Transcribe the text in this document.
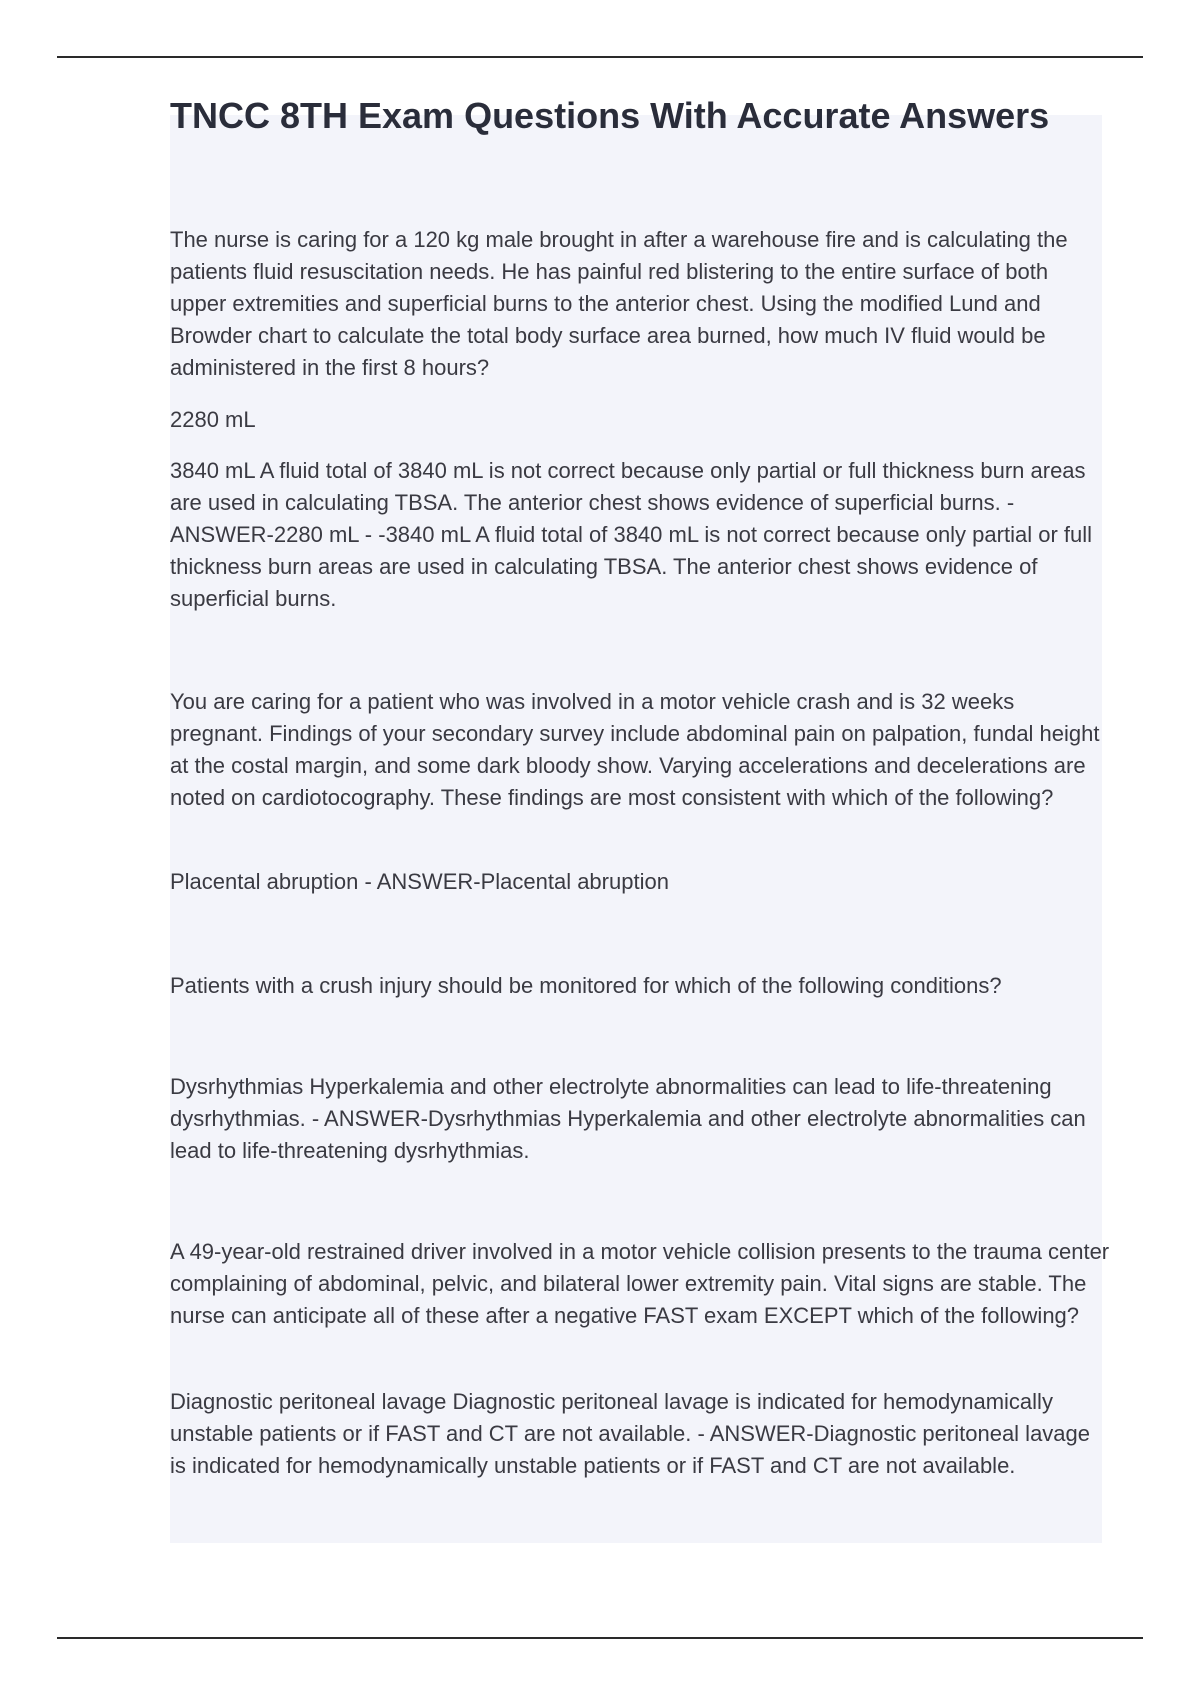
TNCC 8TH Exam Questions With Accurate Answers

The nurse is caring for a 120 kg male brought in after a warehouse fire and is calculating the patients fluid resuscitation needs. He has painful red blistering to the entire surface of both upper extremities and superficial burns to the anterior chest. Using the modified Lund and Browder chart to calculate the total body surface area burned, how much IV fluid would be administered in the first 8 hours?

2280 mL

3840 mL A fluid total of 3840 mL is not correct because only partial or full thickness burn areas are used in calculating TBSA. The anterior chest shows evidence of superficial burns. - ANSWER-2280 mL - -3840 mL A fluid total of 3840 mL is not correct because only partial or full thickness burn areas are used in calculating TBSA. The anterior chest shows evidence of superficial burns.

You are caring for a patient who was involved in a motor vehicle crash and is 32 weeks pregnant. Findings of your secondary survey include abdominal pain on palpation, fundal height at the costal margin, and some dark bloody show. Varying accelerations and decelerations are noted on cardiotocography. These findings are most consistent with which of the following?

Placental abruption - ANSWER-Placental abruption

Patients with a crush injury should be monitored for which of the following conditions?

Dysrhythmias Hyperkalemia and other electrolyte abnormalities can lead to life-threatening dysrhythmias. - ANSWER-Dysrhythmias Hyperkalemia and other electrolyte abnormalities can lead to life-threatening dysrhythmias.

A 49-year-old restrained driver involved in a motor vehicle collision presents to the trauma center complaining of abdominal, pelvic, and bilateral lower extremity pain. Vital signs are stable. The nurse can anticipate all of these after a negative FAST exam EXCEPT which of the following?

Diagnostic peritoneal lavage Diagnostic peritoneal lavage is indicated for hemodynamically unstable patients or if FAST and CT are not available. - ANSWER-Diagnostic peritoneal lavage is indicated for hemodynamically unstable patients or if FAST and CT are not available.
